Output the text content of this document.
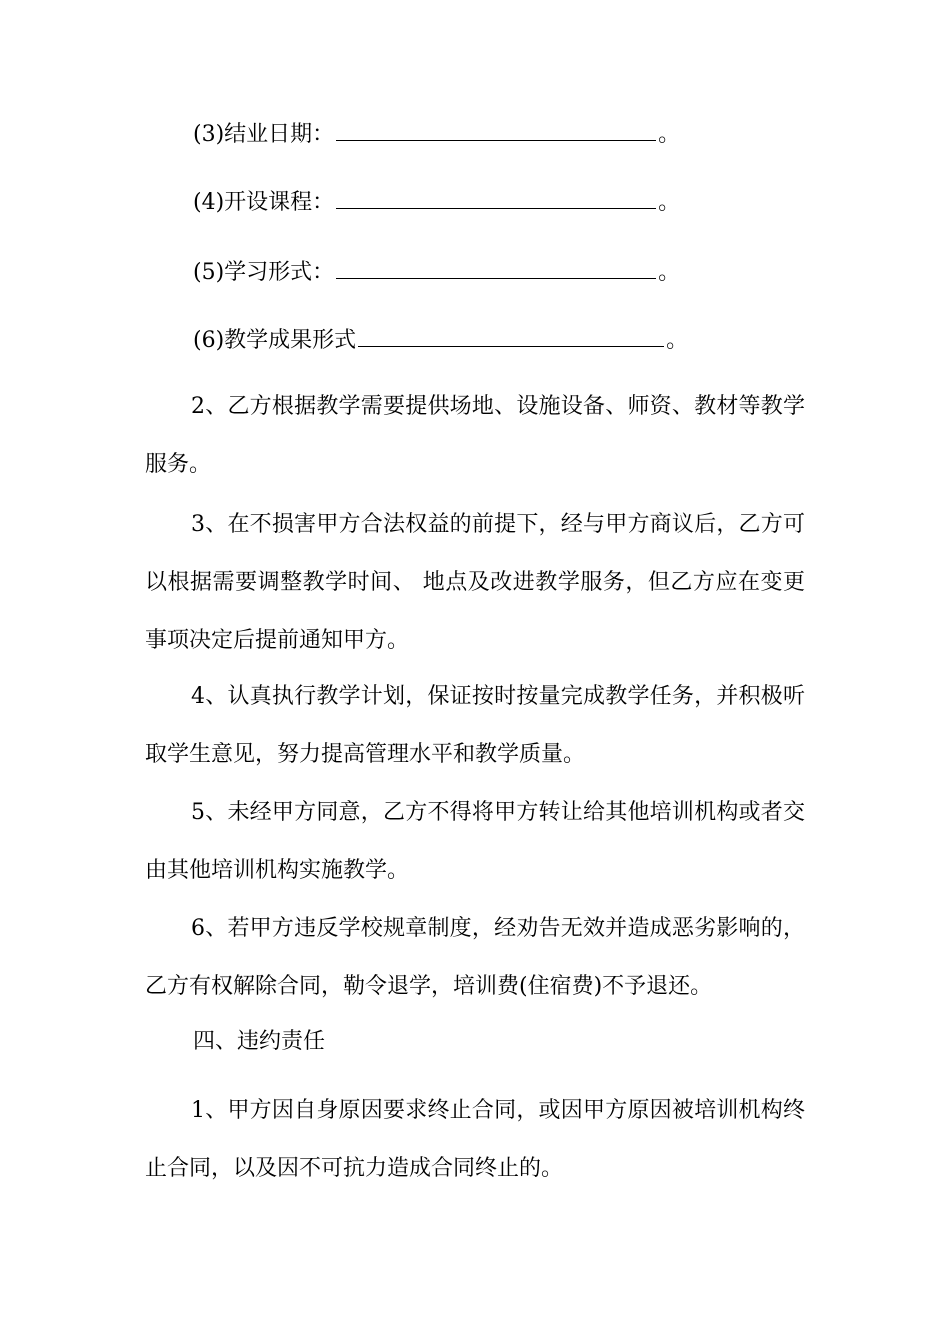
(3)结业日期：	。
(4)开设课程：	。
(5)学习形式：	。
(6)教学成果形式	。

2、乙方根据教学需要提供场地、设施设备、师资、教材等教学服务。

3、在不损害甲方合法权益的前提下，经与甲方商议后，乙方可以根据需要调整教学时间、 地点及改进教学服务，但乙方应在变更事项决定后提前通知甲方。

4、认真执行教学计划，保证按时按量完成教学任务，并积极听取学生意见，努力提高管理水平和教学质量。

5、未经甲方同意，乙方不得将甲方转让给其他培训机构或者交由其他培训机构实施教学。

6、若甲方违反学校规章制度，经劝告无效并造成恶劣影响的，乙方有权解除合同，勒令退学，培训费(住宿费)不予退还。

四、违约责任

1、甲方因自身原因要求终止合同，或因甲方原因被培训机构终止合同，以及因不可抗力造成合同终止的。
